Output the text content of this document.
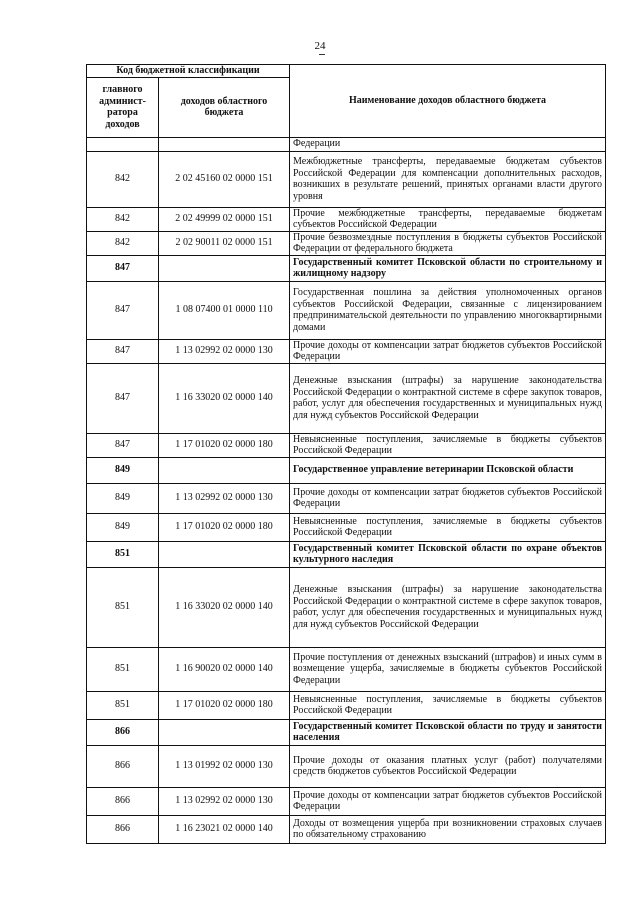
24
Код бюджетной классификации		Наименование доходов областного бюджета
главного админист-ратора доходов	доходов областного бюджета	
		Федерации
842	2 02 45160 02 0000 151	Межбюджетные трансферты, передаваемые бюджетам субъектов Российской Федерации для компенсации дополнительных расходов, возникших в результате решений, принятых органами власти другого уровня
842	2 02 49999 02 0000 151	Прочие межбюджетные трансферты, передаваемые бюджетам субъектов Российской Федерации
842	2 02 90011 02 0000 151	Прочие безвозмездные поступления в бюджеты субъектов Российской Федерации от федерального бюджета
847		Государственный комитет Псковской области по строительному и жилищному надзору
847	1 08 07400 01 0000 110	Государственная пошлина за действия уполномоченных органов субъектов Российской Федерации, связанные с лицензированием предпринимательской деятельности по управлению многоквартирными домами
847	1 13 02992 02 0000 130	Прочие доходы от компенсации затрат бюджетов субъектов Российской Федерации
847	1 16 33020 02 0000 140	Денежные взыскания (штрафы) за нарушение законодательства Российской Федерации о контрактной системе в сфере закупок товаров, работ, услуг для обеспечения государственных и муниципальных нужд для нужд субъектов Российской Федерации
847	1 17 01020 02 0000 180	Невыясненные поступления, зачисляемые в бюджеты субъектов Российской Федерации
849		Государственное управление ветеринарии Псковской области
849	1 13 02992 02 0000 130	Прочие доходы от компенсации затрат бюджетов субъектов Российской Федерации
849	1 17 01020 02 0000 180	Невыясненные поступления, зачисляемые в бюджеты субъектов Российской Федерации
851		Государственный комитет Псковской области по охране объектов культурного наследия
851	1 16 33020 02 0000 140	Денежные взыскания (штрафы) за нарушение законодательства Российской Федерации о контрактной системе в сфере закупок товаров, работ, услуг для обеспечения государственных и муниципальных нужд для нужд субъектов Российской Федерации
851	1 16 90020 02 0000 140	Прочие поступления от денежных взысканий (штрафов) и иных сумм в возмещение ущерба, зачисляемые в бюджеты субъектов Российской Федерации
851	1 17 01020 02 0000 180	Невыясненные поступления, зачисляемые в бюджеты субъектов Российской Федерации
866		Государственный комитет Псковской области по труду и занятости населения
866	1 13 01992 02 0000 130	Прочие доходы от оказания платных услуг (работ) получателями средств бюджетов субъектов Российской Федерации
866	1 13 02992 02 0000 130	Прочие доходы от компенсации затрат бюджетов субъектов Российской Федерации
866	1 16 23021 02 0000 140	Доходы от возмещения ущерба при возникновении страховых случаев по обязательному страхованию
